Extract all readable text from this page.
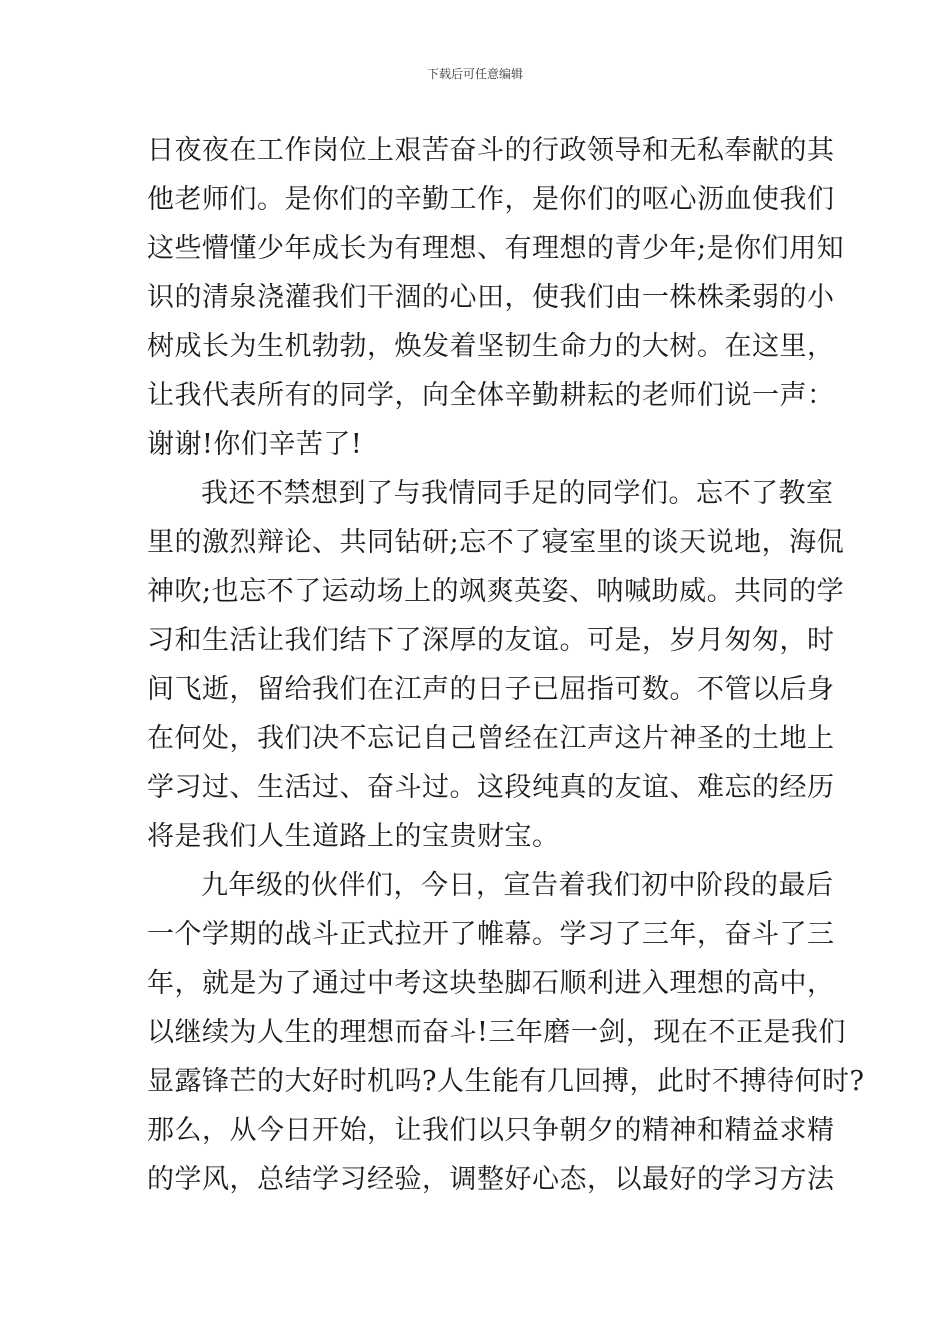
下载后可任意编辑
日夜夜在工作岗位上艰苦奋斗的行政领导和无私奉献的其
他老师们。是你们的辛勤工作，是你们的呕心沥血使我们
这些懵懂少年成长为有理想、有理想的青少年;是你们用知
识的清泉浇灌我们干涸的心田，使我们由一株株柔弱的小
树成长为生机勃勃，焕发着坚韧生命力的大树。在这里，
让我代表所有的同学，向全体辛勤耕耘的老师们说一声：
谢谢!你们辛苦了!
我还不禁想到了与我情同手足的同学们。忘不了教室
里的激烈辩论、共同钻研;忘不了寝室里的谈天说地，海侃
神吹;也忘不了运动场上的飒爽英姿、呐喊助威。共同的学
习和生活让我们结下了深厚的友谊。可是，岁月匆匆，时
间飞逝，留给我们在江声的日子已屈指可数。不管以后身
在何处，我们决不忘记自己曾经在江声这片神圣的土地上
学习过、生活过、奋斗过。这段纯真的友谊、难忘的经历
将是我们人生道路上的宝贵财宝。
九年级的伙伴们，今日，宣告着我们初中阶段的最后
一个学期的战斗正式拉开了帷幕。学习了三年，奋斗了三
年，就是为了通过中考这块垫脚石顺利进入理想的高中，
以继续为人生的理想而奋斗!三年磨一剑，现在不正是我们
显露锋芒的大好时机吗?人生能有几回搏，此时不搏待何时?
那么，从今日开始，让我们以只争朝夕的精神和精益求精
的学风，总结学习经验，调整好心态，以最好的学习方法
